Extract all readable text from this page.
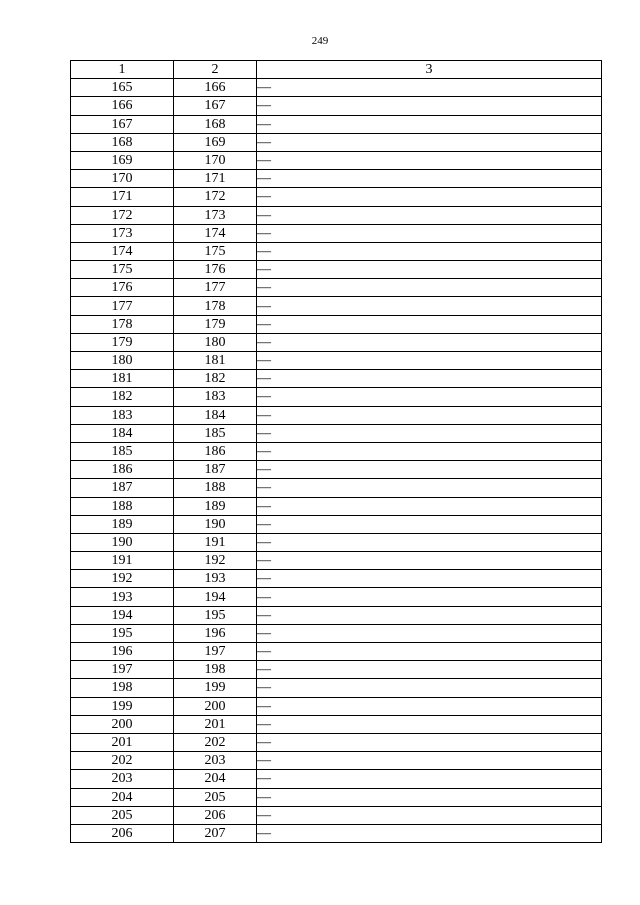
249
1	2	3
165	166	—
166	167	—
167	168	—
168	169	—
169	170	—
170	171	—
171	172	—
172	173	—
173	174	—
174	175	—
175	176	—
176	177	—
177	178	—
178	179	—
179	180	—
180	181	—
181	182	—
182	183	—
183	184	—
184	185	—
185	186	—
186	187	—
187	188	—
188	189	—
189	190	—
190	191	—
191	192	—
192	193	—
193	194	—
194	195	—
195	196	—
196	197	—
197	198	—
198	199	—
199	200	—
200	201	—
201	202	—
202	203	—
203	204	—
204	205	—
205	206	—
206	207	—
